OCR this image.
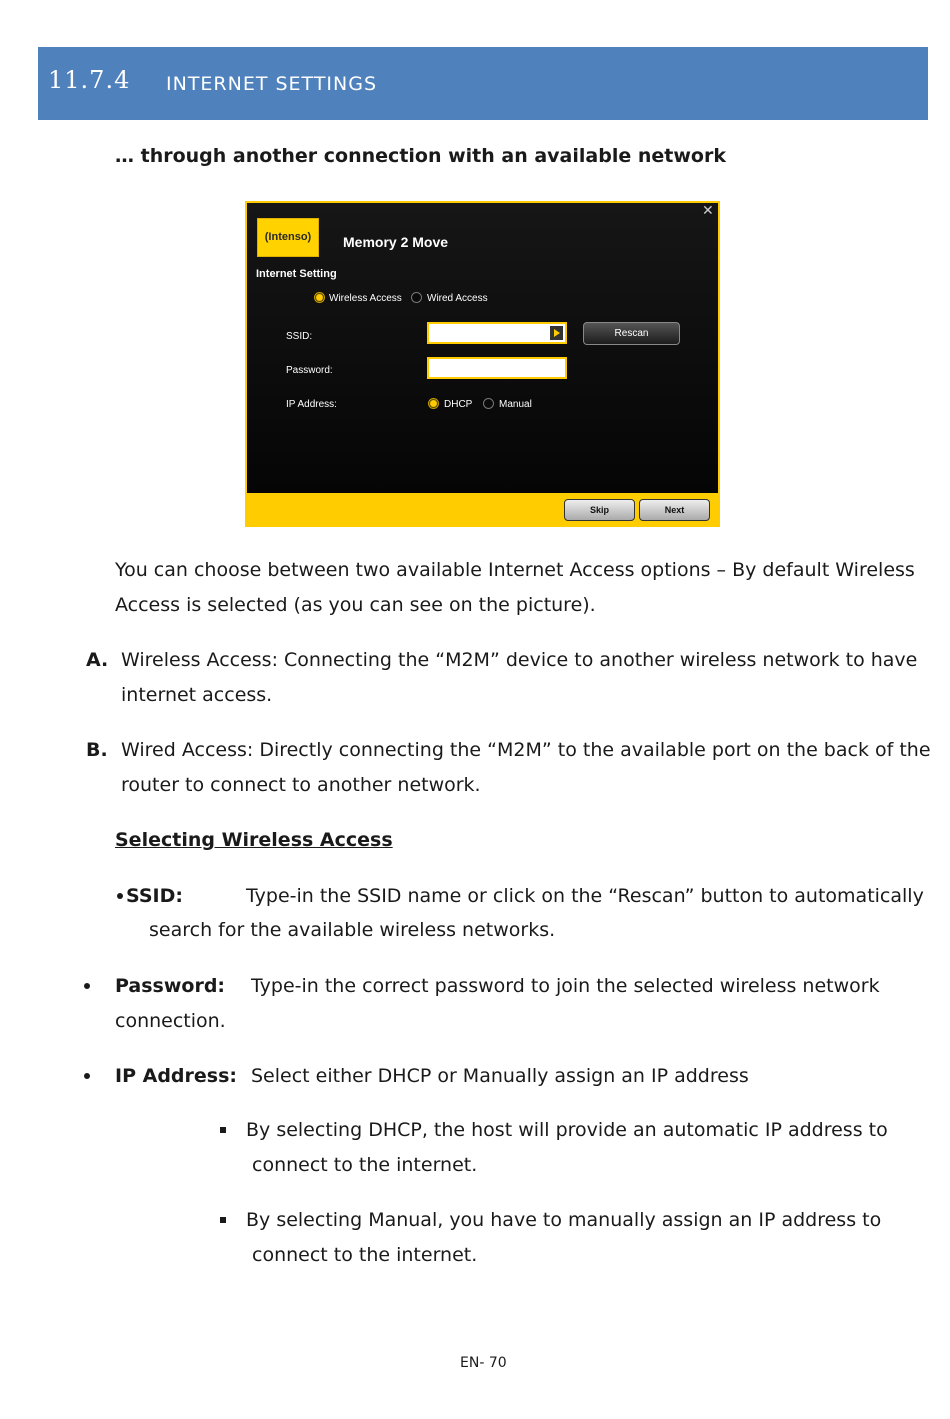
11.7.4 INTERNET SETTINGS
… through another connection with an available network
(Intenso)	Memory 2 Move
✕
Internet Setting
Wireless Access	Wired Access
SSID:	Rescan
Password:
IP Address:	DHCP	Manual
Skip	Next
You can choose between two available Internet Access options – By default Wireless
Access is selected (as you can see on the picture).
A. Wireless Access: Connecting the “M2M” device to another wireless network to have
internet access.
B. Wired Access: Directly connecting the “M2M” to the available port on the back of the
router to connect to another network.
Selecting Wireless Access
SSID:	Type-in the SSID name or click on the “Rescan” button to automatically
search for the available wireless networks.
Password: Type-in the correct password to join the selected wireless network
connection.
IP Address: Select either DHCP or Manually assign an IP address
By selecting DHCP, the host will provide an automatic IP address to
connect to the internet.
By selecting Manual, you have to manually assign an IP address to
connect to the internet.
EN- 70
